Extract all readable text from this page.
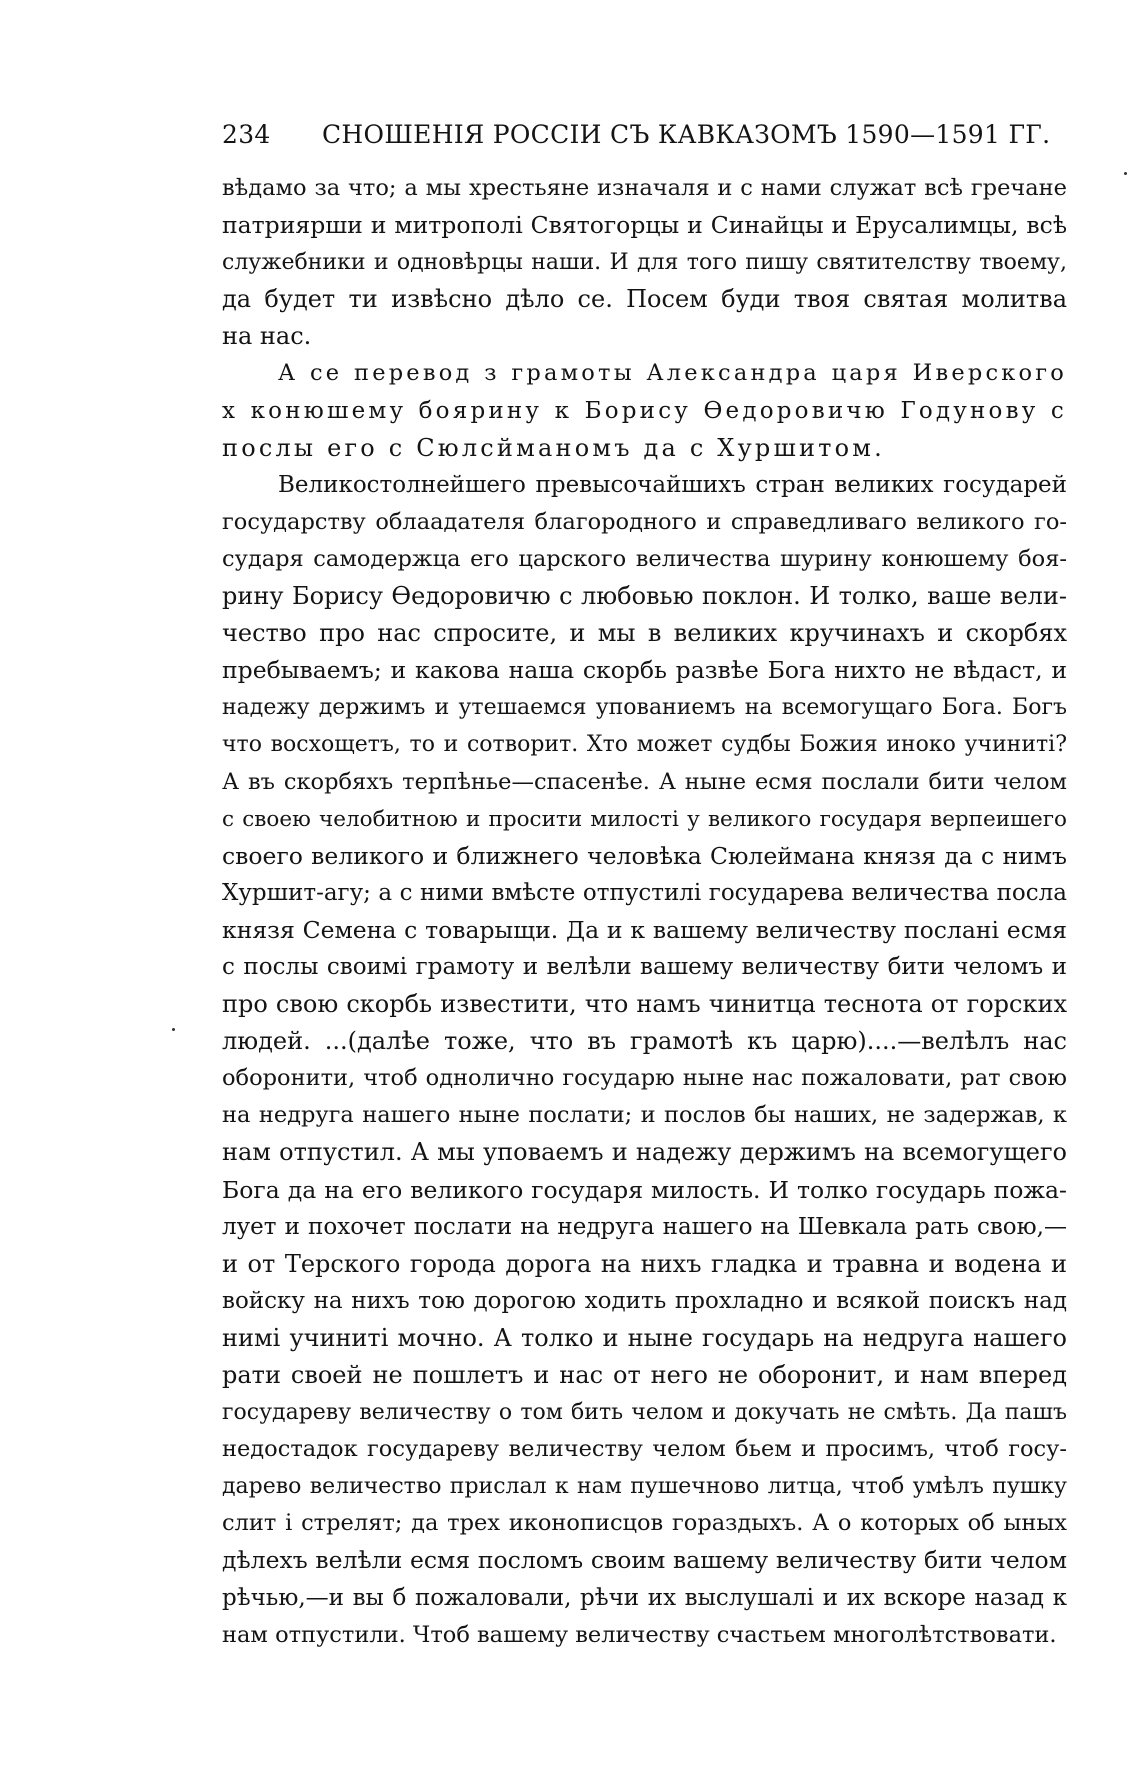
234 СНОШЕНІЯ РОССІИ СЪ КАВКАЗОМЪ 1590—1591 ГГ.

вѣдамо за что; а мы хрестьяне изначаля и с нами служат всѣ гречане
патриярши и митрополі Святогорцы и Синайцы и Ерусалимцы, всѣ
служебники и одновѣрцы наши. И для того пишу святителству твоему,
да будет ти извѣсно дѣло се. Посем буди твоя святая молитва
на нас.

А се перевод з грамоты Александра царя Иверского
х конюшему боярину к Борису Ѳедоровичю Годунову с
послы его с Сюлсйманомъ да с Хуршитом.

Великостолнейшего превысочайшихъ стран великих государей
государству облаадателя благородного и справедливаго великого го-
сударя самодержца его царского величества шурину конюшему боя-
рину Борису Ѳедоровичю с любовью поклон. И толко, ваше вели-
чество про нас спросите, и мы в великих кручинахъ и скорбях
пребываемъ; и какова наша скорбь развѣе Бога нихто не вѣдаст, и
надежу держимъ и утешаемся упованиемъ на всемогущаго Бога. Богъ
что восхощетъ, то и сотворит. Хто может судбы Божия иноко учинитi?
А въ скорбяхъ терпѣнье—спасенѣе. А ныне есмя послали бити челом
с своею челобитною и просити милостi у великого государя верпеишего
своего великого и ближнего человѣка Сюлеймана князя да с нимъ
Хуршит-агу; а с ними вмѣсте отпустилi государева величества посла
князя Семена с товарыщи. Да и к вашему величеству посланi есмя
с послы своимi грамоту и велѣли вашему величеству бити челомъ и
про свою скорбь известити, что намъ чинитца теснота от горских
людей. ...(далѣе тоже, что въ грамотѣ къ царю)....—велѣлъ нас
оборонити, чтоб однолично государю ныне нас пожаловати, рат свою
на недруга нашего ныне послати; и послов бы наших, не задержав, к
нам отпустил. А мы уповаемъ и надежу держимъ на всемогущего
Бога да на его великого государя милость. И толко государь пожа-
лует и похочет послати на недруга нашего на Шевкала рать свою,—
и от Терского города дорога на нихъ гладка и травна и водена и
войску на нихъ тою дорогою ходить прохладно и всякой поискъ над
нимi учинитi мочно. А толко и ныне государь на недруга нашего
рати своей не пошлетъ и нас от него не оборонит, и нам вперед
государеву величеству о том бить челом и докучать не смѣть. Да пашъ
недостадок государеву величеству челом бьем и просимъ, чтоб госу-
дарево величество прислал к нам пушечново литца, чтоб умѣлъ пушку
слит i стрелят; да трех иконописцов гораздыхъ. А о которых об ыных
дѣлехъ велѣли есмя посломъ своим вашему величеству бити челом
рѣчью,—и вы б пожаловали, рѣчи их выслушалi и их вскоре назад к
нам отпустили. Чтоб вашему величеству счастьем многолѣтствовати.
